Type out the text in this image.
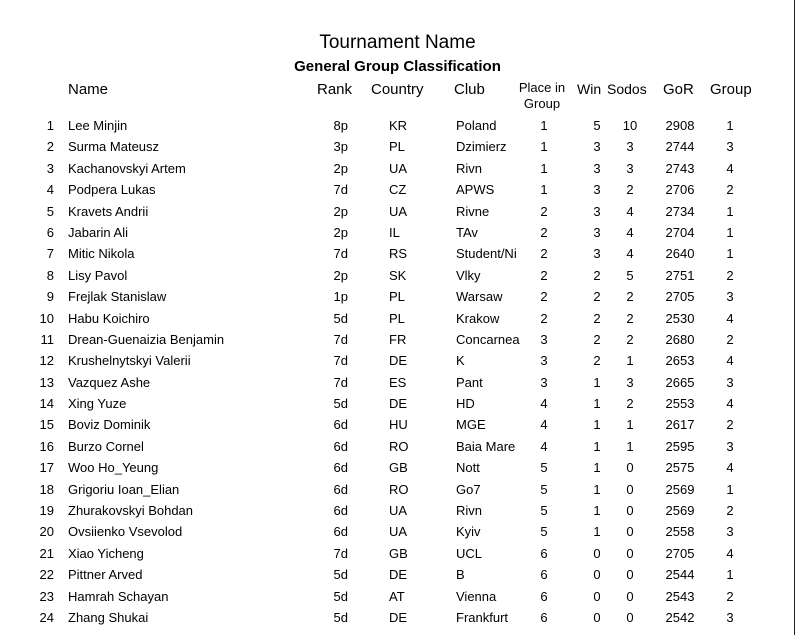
Tournament Name
General Group Classification
Name	Rank Country Club	Place in
Group
Win Sodos GoR Group
1 Lee Minjin	8p	KR	Poland	1	5 10	2908	1
2 Surma Mateusz	3p	PL	Dzimierz	1	3	3	2744	3
3 Kachanovskyi Artem	2p	UA	Rivn	1	3	3	2743	4
4 Podpera Lukas	7d	CZ	APWS	1	3	2	2706	2
5 Kravets Andrii	2p	UA	Rivne	2	3	4	2734	1
6 Jabarin Ali	2p	IL	TAv	2	3	4	2704	1
7 Mitic Nikola	7d	RS	Student/Ni	2	3	4	2640	1
8 Lisy Pavol	2p	SK	Vlky	2	2	5	2751	2
9 Frejlak Stanislaw	1p	PL	Warsaw	2	2	2	2705	3
10 Habu Koichiro	5d	PL	Krakow	2	2	2	2530	4
11 Drean-Guenaizia Benjamin	7d	FR	Concarnea	3	2	2	2680	2
12 Krushelnytskyi Valerii	7d	DE	K	3	2	1	2653	4
13 Vazquez Ashe	7d	ES	Pant	3	1	3	2665	3
14 Xing Yuze	5d	DE	HD	4	1	2	2553	4
15 Boviz Dominik	6d	HU	MGE	4	1	1	2617	2
16 Burzo Cornel	6d	RO	Baia Mare	4	1	1	2595	3
17 Woo Ho_Yeung	6d	GB	Nott	5	1	0	2575	4
18 Grigoriu Ioan_Elian	6d	RO	Go7	5	1	0	2569	1
19 Zhurakovskyi Bohdan	6d	UA	Rivn	5	1	0	2569	2
20 Ovsiienko Vsevolod	6d	UA	Kyiv	5	1	0	2558	3
21 Xiao Yicheng	7d	GB	UCL	6	0	0	2705	4
22 Pittner Arved	5d	DE	B	6	0	0	2544	1
23 Hamrah Schayan	5d	AT	Vienna	6	0	0	2543	2
24 Zhang Shukai	5d	DE	Frankfurt	6	0	0	2542	3
